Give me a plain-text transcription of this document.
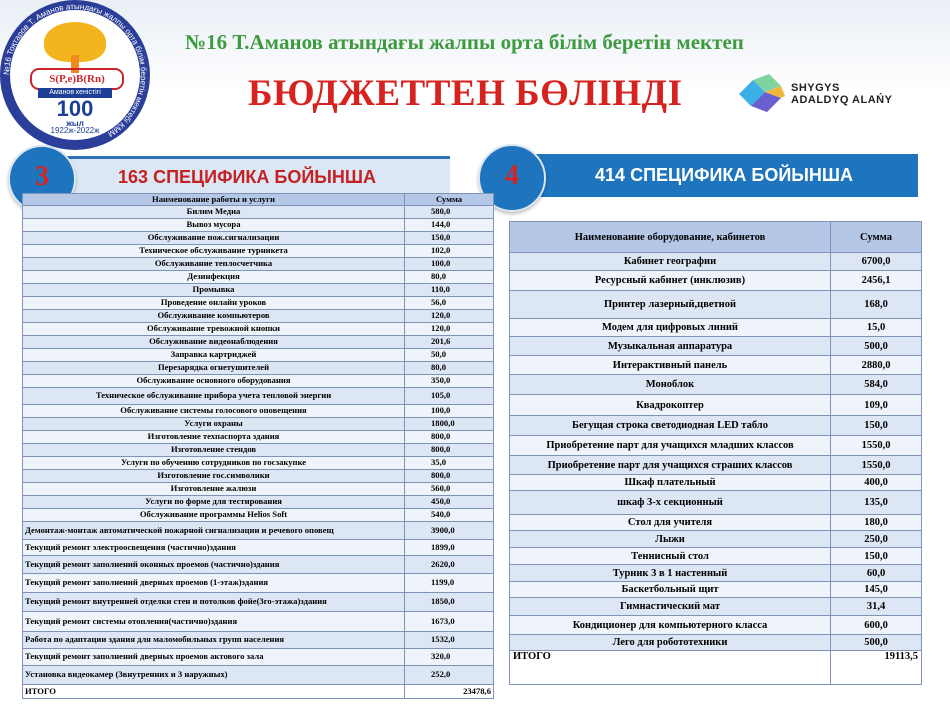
S(P,e)B(Rn)
Амaнов кеністігі
100
жыл
1922ж-2022ж
№16 Тоқтаров Т. Амaнов атындағы жалпы орта білім беретін мектебі КММ
№16 Т.Амaнов атындағы жалпы орта білім беретін мектеп
БЮДЖЕТТЕН БӨЛІНДІ	SHYGYS
ADALDYQ ALAŃY
163 СПЕЦИФИКА БОЙЫНША
3	414 СПЕЦИФИКА БОЙЫНША
4
Наименование работы и услуги	Сумма
Билим Медиа	580,0
Вывоз мусора	144,0
Обслуживание пож.сигнализации	150,0
Техническое обслуживание турникета	102,0
Обслуживание теплосчетчика	100,0
Дезинфекция	80,0
Промывка	110,0
Проведение онлайн уроков	56,0
Обслуживание компьютеров	120,0
Обслуживание тревожной кнопки	120,0
Обслуживание видеонаблюдения	201,6
Заправка картриджей	50,0
Перезарядка огнетушителей	80,0
Обслуживание основного оборудования	350,0
Техническое обслуживание прибора учета тепловой энергии	105,0
Обслуживание системы голосового оповещения	100,0
Услуги охраны	1800,0
Изготовление техпаспорта здания	800,0
Изготовление стендов	800,0
Услуги по обучению сотрудников по госзакупке	35,0
Изготовление гос.символики	800,0
Изготовление жалюзи	560,0
Услуги по форме для тестирования	450,0
Обслуживание программы Helios Soft	540,0
Демонтаж-монтаж автоматической пожарной сигнализации и речевого оповещ	3900,0
Текущий ремонт электроосвещения (частично)здания	1899,0
Текущий ремонт заполнений оконных проемов (частично)здания	2620,0
Текущий ремонт заполнений дверных проемов (1-этаж)здания	1199,0
Текущий ремонт внутренней отделки стен и потолков фойе(3го-этажа)здания	1850,0
Текущий ремонт системы отопления(частично)здания	1673,0
Работа по адаптации здания для маломобильных групп населения	1532,0
Текущий ремонт заполнений дверных проемов актового зала	320,0
Установка видеокамер (3внутренних и 3 наружных)	252,0
ИТОГО	23478,6
Наименование оборудование, кабинетов	Сумма
Кабинет географии	6700,0
Ресурсный кабинет (инклюзив)	2456,1
Принтер лазерный,цветной	168,0
Модем для цифровых линий	15,0
Музыкальная аппаратура	500,0
Интерактивный панель	2880,0
Моноблок	584,0
Квадрокоптер	109,0
Бегущая строка светодиодная LED табло	150,0
Приобретение парт для учащихся младших классов	1550,0
Приобретение парт для учащихся страших классов	1550,0
Шкаф плательный	400,0
шкаф 3-х секционный	135,0
Стол для учителя	180,0
Лыжи	250,0
Теннисный стол	150,0
Турник 3 в 1 настенный	60,0
Баскетбольный щит	145,0
Гимнастический мат	31,4
Кондиционер для компьютерного класса	600,0
Лего для робототехники	500,0
ИТОГО	19113,5
